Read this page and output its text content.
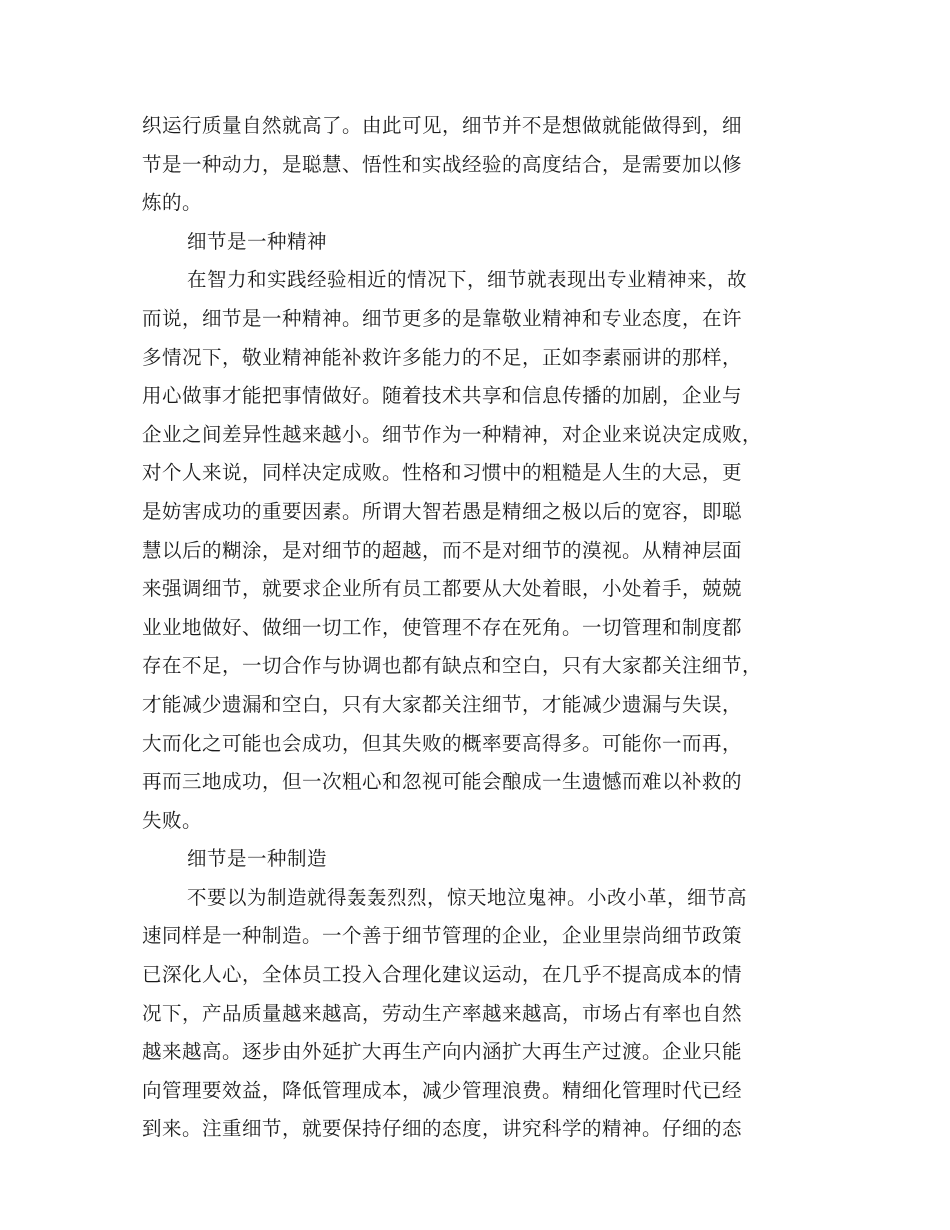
织运行质量自然就高了。由此可见，细节并不是想做就能做得到，细
节是一种动力，是聪慧、悟性和实战经验的高度结合，是需要加以修
炼的。
细节是一种精神
在智力和实践经验相近的情况下，细节就表现出专业精神来，故
而说，细节是一种精神。细节更多的是靠敬业精神和专业态度，在许
多情况下，敬业精神能补救许多能力的不足，正如李素丽讲的那样，
用心做事才能把事情做好。随着技术共享和信息传播的加剧，企业与
企业之间差异性越来越小。细节作为一种精神，对企业来说决定成败，
对个人来说，同样决定成败。性格和习惯中的粗糙是人生的大忌，更
是妨害成功的重要因素。所谓大智若愚是精细之极以后的宽容，即聪
慧以后的糊涂，是对细节的超越，而不是对细节的漠视。从精神层面
来强调细节，就要求企业所有员工都要从大处着眼，小处着手，兢兢
业业地做好、做细一切工作，使管理不存在死角。一切管理和制度都
存在不足，一切合作与协调也都有缺点和空白，只有大家都关注细节，
才能减少遗漏和空白，只有大家都关注细节，才能减少遗漏与失误，
大而化之可能也会成功，但其失败的概率要高得多。可能你一而再，
再而三地成功，但一次粗心和忽视可能会酿成一生遗憾而难以补救的
失败。
细节是一种制造
不要以为制造就得轰轰烈烈，惊天地泣鬼神。小改小革，细节高
速同样是一种制造。一个善于细节管理的企业，企业里崇尚细节政策
已深化人心，全体员工投入合理化建议运动，在几乎不提高成本的情
况下，产品质量越来越高，劳动生产率越来越高，市场占有率也自然
越来越高。逐步由外延扩大再生产向内涵扩大再生产过渡。企业只能
向管理要效益，降低管理成本，减少管理浪费。精细化管理时代已经
到来。注重细节，就要保持仔细的态度，讲究科学的精神。仔细的态
